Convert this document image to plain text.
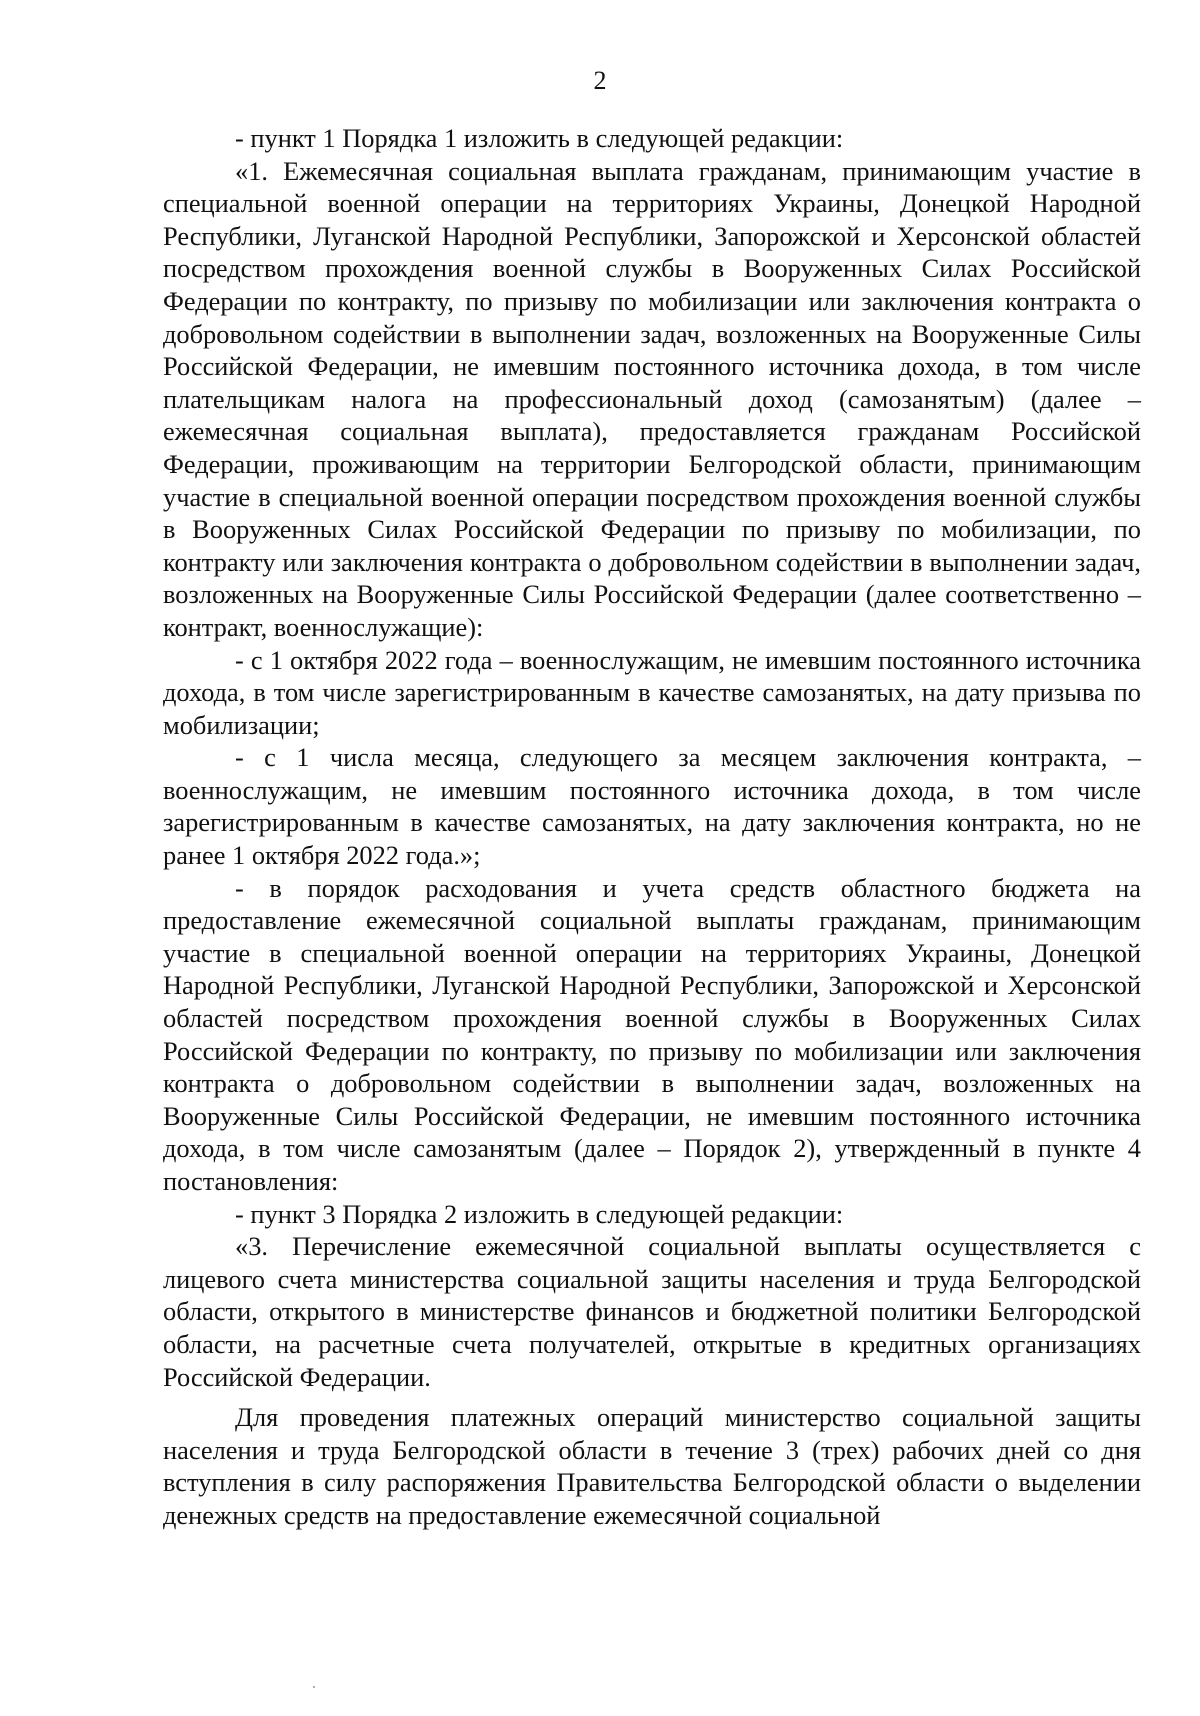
2

- пункт 1 Порядка 1 изложить в следующей редакции:

«1. Ежемесячная социальная выплата гражданам, принимающим участие в специальной военной операции на территориях Украины, Донецкой Народной Республики, Луганской Народной Республики, Запорожской и Херсонской областей посредством прохождения военной службы в Вооруженных Силах Российской Федерации по контракту, по призыву по мобилизации или заключения контракта о добровольном содействии в выполнении задач, возложенных на Вооруженные Силы Российской Федерации, не имевшим постоянного источника дохода, в том числе плательщикам налога на профессиональный доход (самозанятым) (далее – ежемесячная социальная выплата), предоставляется гражданам Российской Федерации, проживающим на территории Белгородской области, принимающим участие в специальной военной операции посредством прохождения военной службы в Вооруженных Силах Российской Федерации по призыву по мобилизации, по контракту или заключения контракта о добровольном содействии в выполнении задач, возложенных на Вооруженные Силы Российской Федерации (далее соответственно – контракт, военнослужащие):

- с 1 октября 2022 года – военнослужащим, не имевшим постоянного источника дохода, в том числе зарегистрированным в качестве самозанятых, на дату призыва по мобилизации;

- с 1 числа месяца, следующего за месяцем заключения контракта, – военнослужащим, не имевшим постоянного источника дохода, в том числе зарегистрированным в качестве самозанятых, на дату заключения контракта, но не ранее 1 октября 2022 года.»;

- в порядок расходования и учета средств областного бюджета на предоставление ежемесячной социальной выплаты гражданам, принимающим участие в специальной военной операции на территориях Украины, Донецкой Народной Республики, Луганской Народной Республики, Запорожской и Херсонской областей посредством прохождения военной службы в Вооруженных Силах Российской Федерации по контракту, по призыву по мобилизации или заключения контракта о добровольном содействии в выполнении задач, возложенных на Вооруженные Силы Российской Федерации, не имевшим постоянного источника дохода, в том числе самозанятым (далее – Порядок 2), утвержденный в пункте 4 постановления:

- пункт 3 Порядка 2 изложить в следующей редакции:

«3. Перечисление ежемесячной социальной выплаты осуществляется с лицевого счета министерства социальной защиты населения и труда Белгородской области, открытого в министерстве финансов и бюджетной политики Белгородской области, на расчетные счета получателей, открытые в кредитных организациях Российской Федерации.

Для проведения платежных операций министерство социальной защиты населения и труда Белгородской области в течение 3 (трех) рабочих дней со дня вступления в силу распоряжения Правительства Белгородской области о выделении денежных средств на предоставление ежемесячной социальной
